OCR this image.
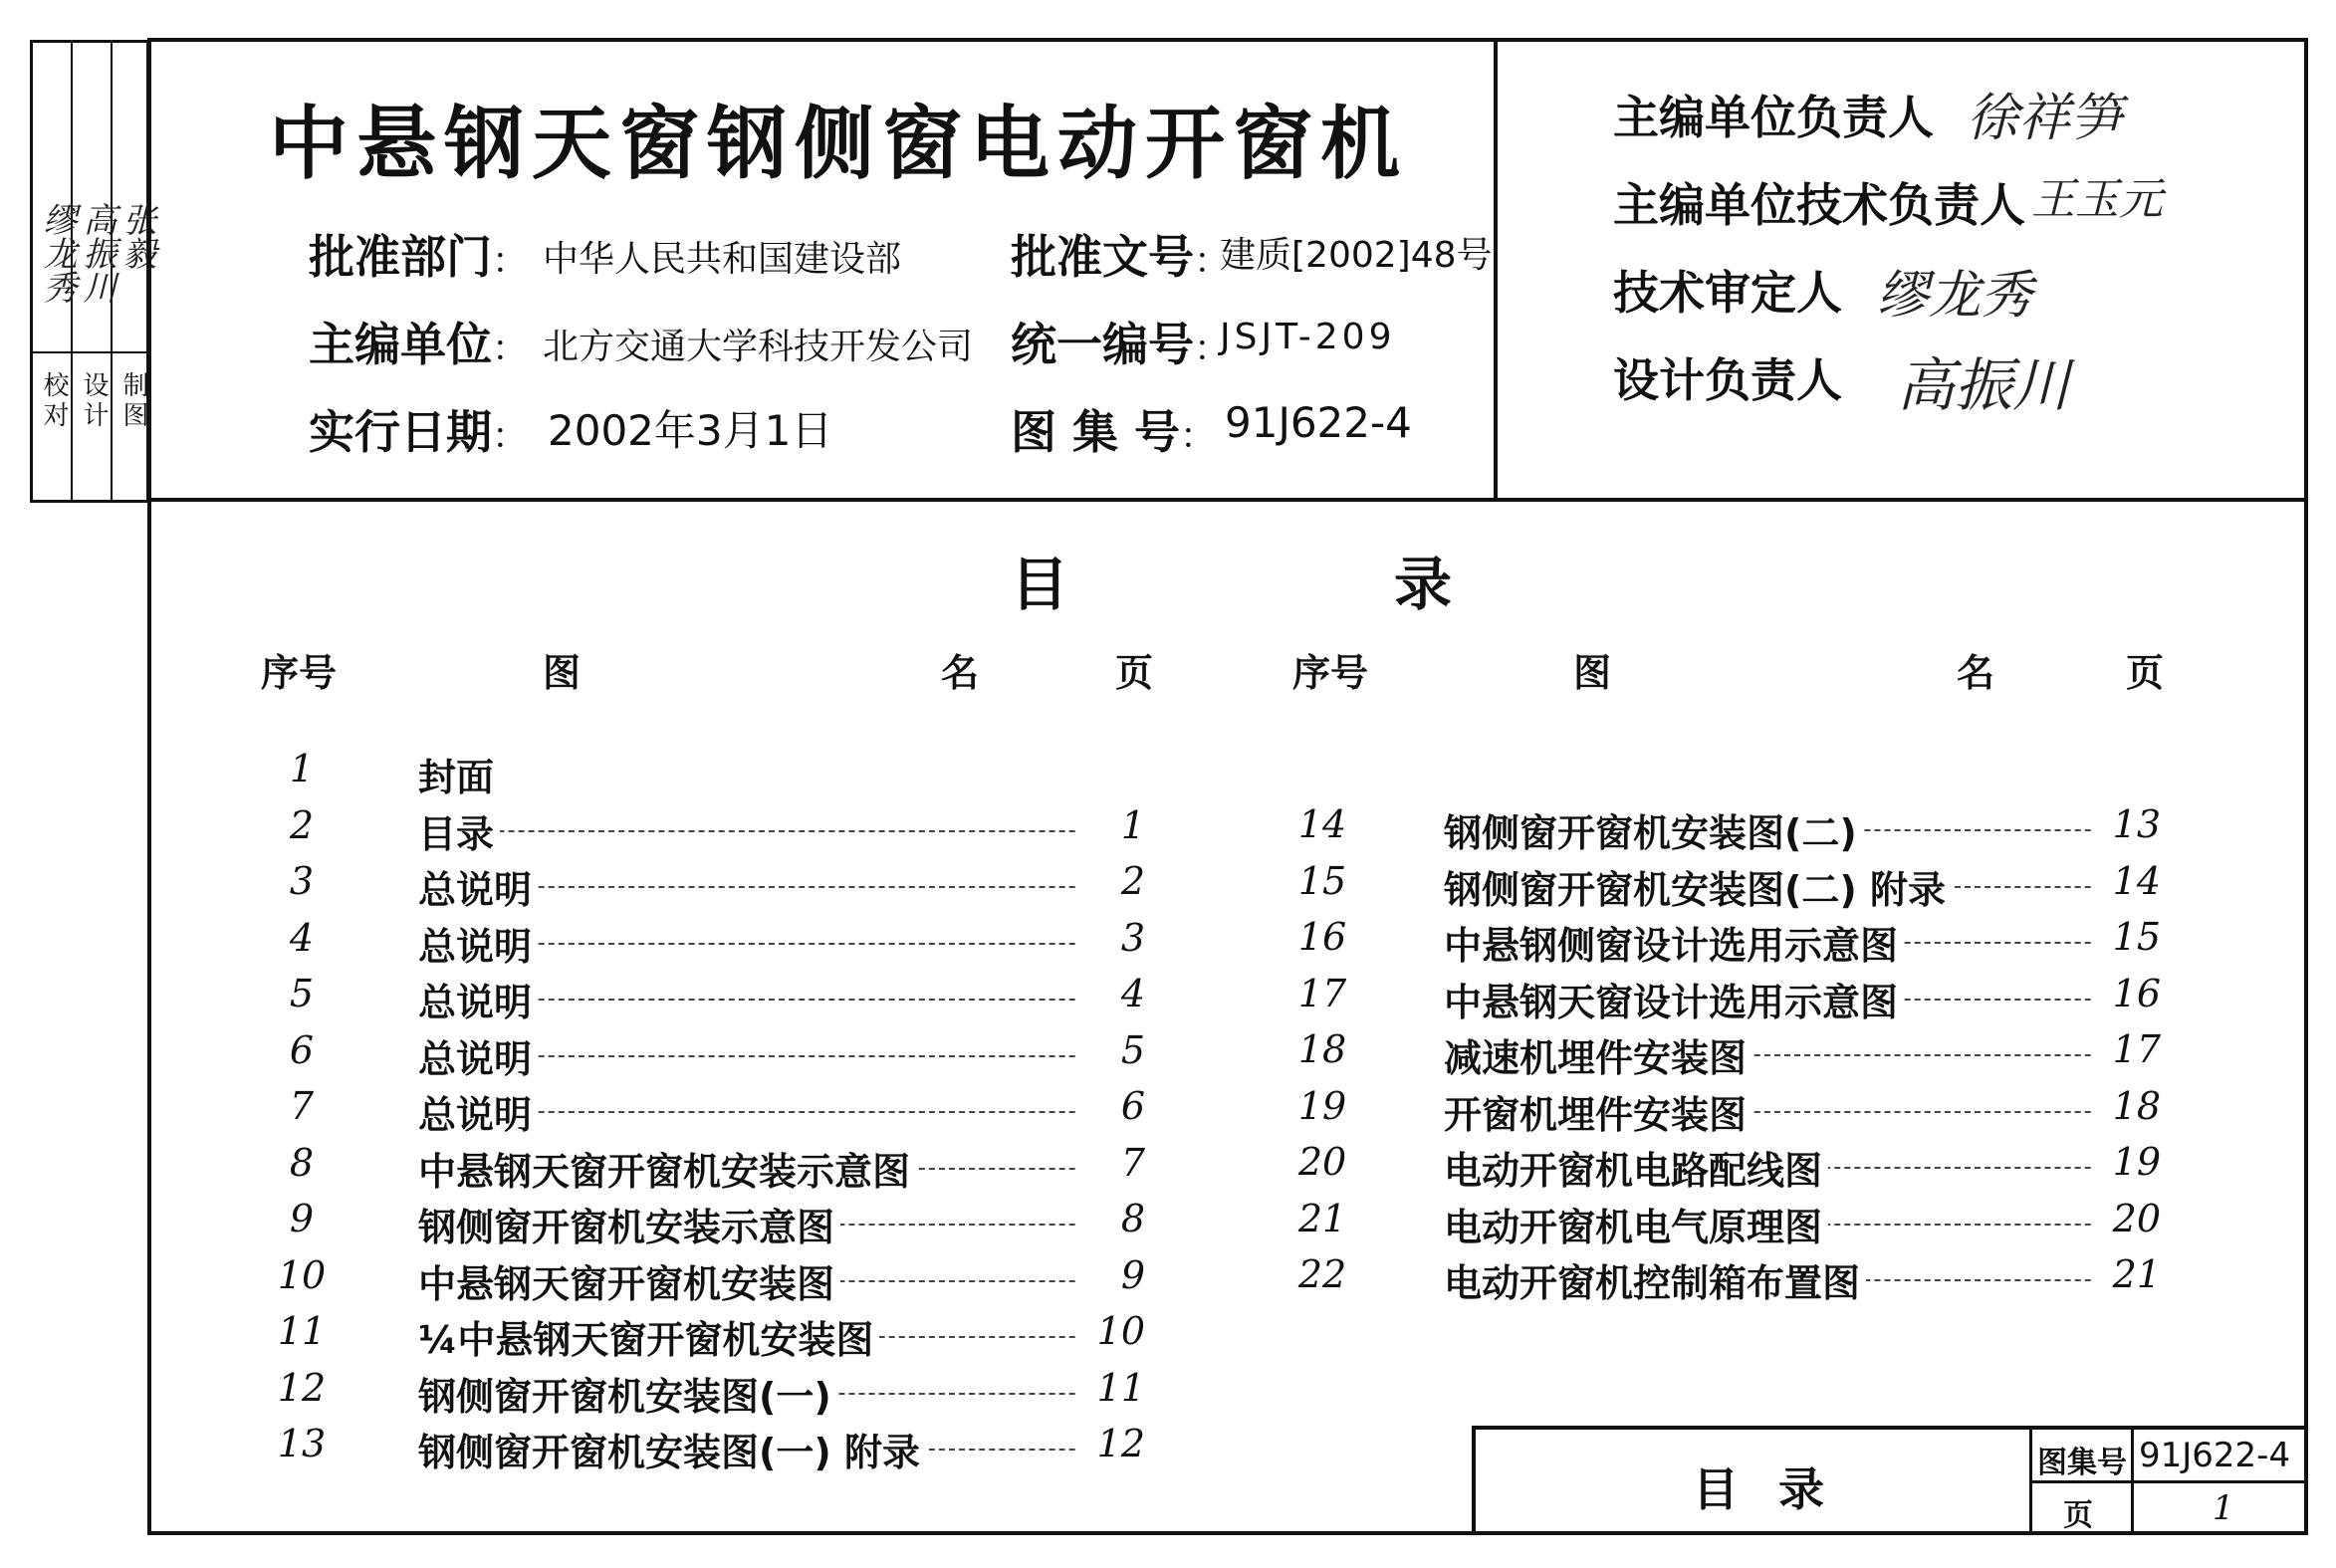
校对 设计 制图
缪龙秀 高振川 张毅
中悬钢天窗钢侧窗电动开窗机
批准部门： 中华人民共和国建设部
主编单位： 北方交通大学科技开发公司
实行日期： 2002年3月1日
批准文号：
建质[2002]48号
统一编号：
JSJT-209
图 集 号： 91J622-4
主编单位负责人 徐祥笋
主编单位技术负责人 王玉元
技术审定人 缪龙秀
设计负责人 高振川
目	录
序号	图	名	页	序号	图	名	页
1	封面
2	目录	1
3	总说明	2
4	总说明	3
5	总说明	4
6	总说明	5
7	总说明	6
8	中悬钢天窗开窗机安装示意图	7
9	钢侧窗开窗机安装示意图	8
10	中悬钢天窗开窗机安装图	9
11	¼中悬钢天窗开窗机安装图	10
12	钢侧窗开窗机安装图(一)	11
13	钢侧窗开窗机安装图(一) 附录	12
14	钢侧窗开窗机安装图(二)	13
15	钢侧窗开窗机安装图(二) 附录	14
16	中悬钢侧窗设计选用示意图	15
17	中悬钢天窗设计选用示意图	16
18	减速机埋件安装图	17
19	开窗机埋件安装图	18
20	电动开窗机电路配线图	19
21	电动开窗机电气原理图	20
22	电动开窗机控制箱布置图	21
目录	图集号 91J622-4
页	1
